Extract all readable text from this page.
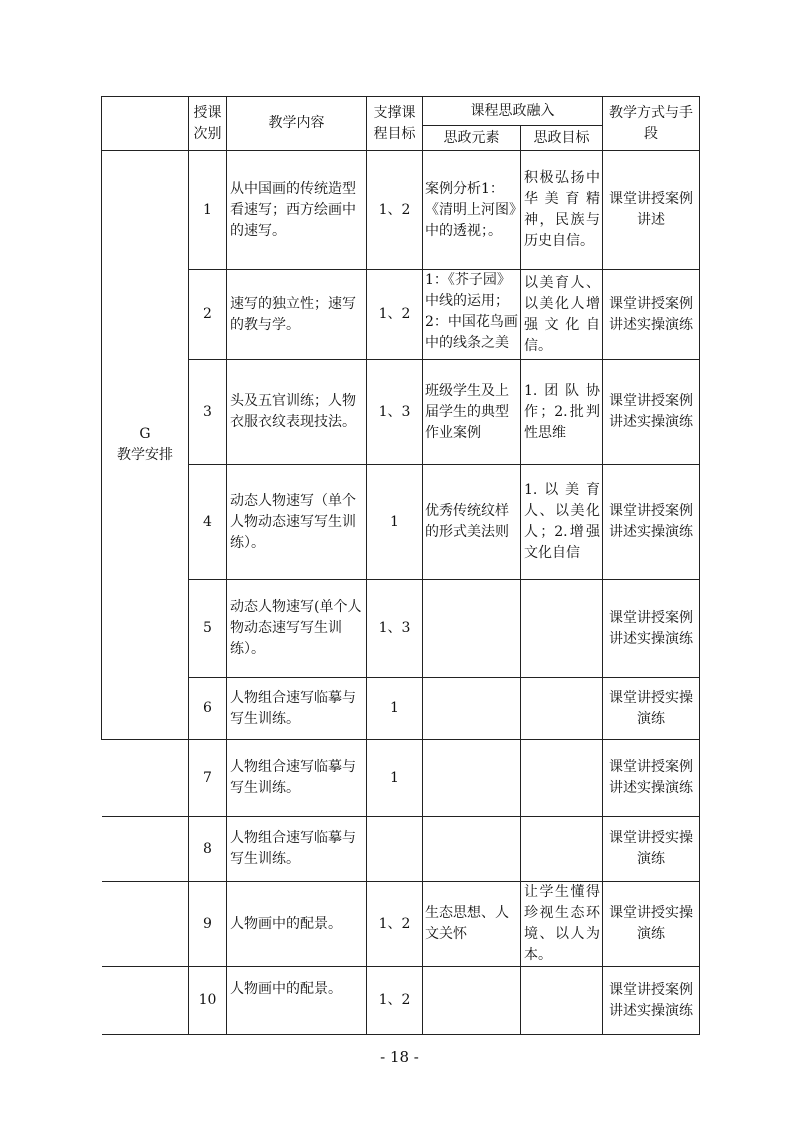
	授课次别	教学内容	支撑课程目标	课程思政融入		教学方式与手段
				思政元素	思政目标	

G
教学安排	1	从中国画的传统造型看速写；西方绘画中的速写。	1、2	案例分析1：《清明上河图》中的透视；。	积极弘扬中华美育精神，民族与历史自信。	课堂讲授案例讲述
	2	速写的独立性；速写的教与学。	1、2	1：《芥子园》中线的运用；2：中国花鸟画中的线条之美	以美育人、以美化人增强文化自信。	课堂讲授案例讲述实操演练
	3	头及五官训练；人物衣服衣纹表现技法。	1、3	班级学生及上届学生的典型作业案例	1.团队协作；2.批判性思维	课堂讲授案例讲述实操演练
	4	动态人物速写（单个人物动态速写写生训练）。	1	优秀传统纹样的形式美法则	1.以美育人、以美化人；2.增强文化自信	课堂讲授案例讲述实操演练
	5	动态人物速写(单个人物动态速写写生训练）。	1、3			课堂讲授案例讲述实操演练
	6	人物组合速写临摹与写生训练。	1			课堂讲授实操演练
	7	人物组合速写临摹与写生训练。	1			课堂讲授案例讲述实操演练
	8	人物组合速写临摹与写生训练。				课堂讲授实操演练
	9	人物画中的配景。	1、2	生态思想、人文关怀	让学生懂得珍视生态环境、以人为本。	课堂讲授实操演练
	10	人物画中的配景。	1、2			课堂讲授案例讲述实操演练
- 18 -
